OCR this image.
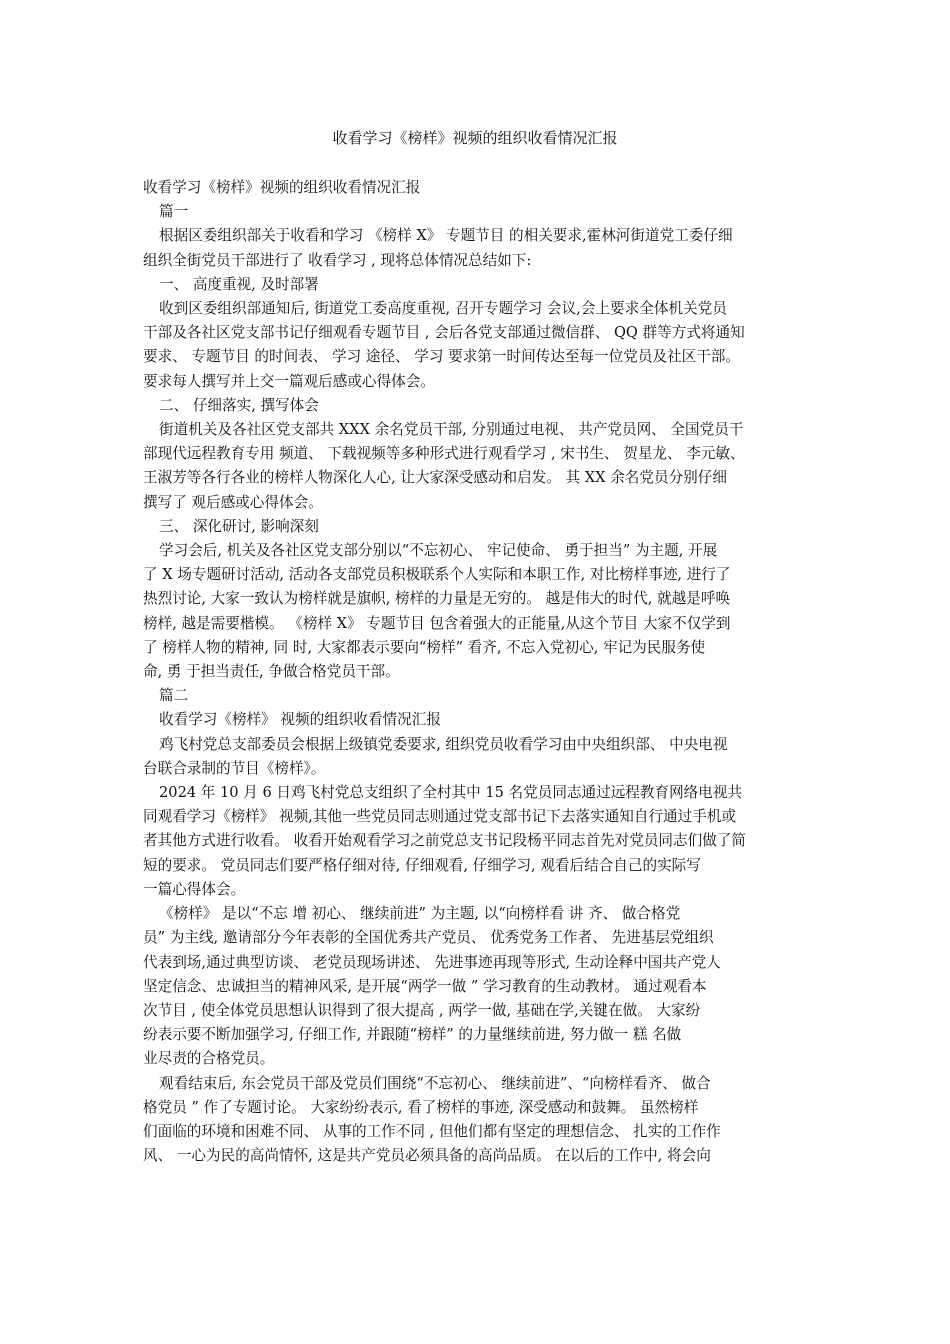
收看学习《榜样》视频的组织收看情况汇报

收看学习《榜样》视频的组织收看情况汇报

篇一

根据区委组织部关于收看和学习 《榜样 X》 专题节目 的相关要求,霍林河街道党工委仔细

组织全街党员干部进行了 收看学习 , 现将总体情况总结如下:

一、 高度重视, 及时部署

收到区委组织部通知后, 街道党工委高度重视, 召开专题学习 会议,会上要求全体机关党员

干部及各社区党支部书记仔细观看专题节目 , 会后各党支部通过微信群、 QQ 群等方式将通知

要求、 专题节目 的时间表、 学习 途径、 学习 要求第一时间传达至每一位党员及社区干部。

要求每人撰写并上交一篇观后感或心得体会。

二、 仔细落实, 撰写体会

街道机关及各社区党支部共 XXX 余名党员干部, 分别通过电视、 共产党员网、 全国党员干

部现代远程教育专用 频道、 下载视频等多种形式进行观看学习 , 宋书生、 贺星龙、 李元敏、

王淑芳等各行各业的榜样人物深化人心, 让大家深受感动和启发。 其 XX 余名党员分别仔细

撰写了 观后感或心得体会。

三、 深化研讨, 影响深刻

学习会后, 机关及各社区党支部分别以“不忘初心、 牢记使命、 勇于担当” 为主题, 开展

了 X 场专题研讨活动, 活动各支部党员积极联系个人实际和本职工作, 对比榜样事迹, 进行了

热烈讨论, 大家一致认为榜样就是旗帜, 榜样的力量是无穷的。 越是伟大的时代, 就越是呼唤

榜样, 越是需要楷模。 《榜样 X》 专题节目 包含着强大的正能量,从这个节目 大家不仅学到

了 榜样人物的精神, 同 时, 大家都表示要向“榜样” 看齐, 不忘入党初心, 牢记为民服务使

命, 勇 于担当责任, 争做合格党员干部。

篇二

收看学习《榜样》 视频的组织收看情况汇报

鸡飞村党总支部委员会根据上级镇党委要求, 组织党员收看学习由中央组织部、 中央电视

台联合录制的节目《榜样》。

2024 年 10 月 6 日鸡飞村党总支组织了全村其中 15 名党员同志通过远程教育网络电视共

同观看学习《榜样》 视频,其他一些党员同志则通过党支部书记下去落实通知自行通过手机或

者其他方式进行收看。 收看开始观看学习之前党总支书记段杨平同志首先对党员同志们做了简

短的要求。 党员同志们要严格仔细对待, 仔细观看, 仔细学习, 观看后结合自己的实际写

一篇心得体会。

《榜样》 是以“不忘 增 初心、 继续前进” 为主题, 以“向榜样看 讲 齐、 做合格党

员” 为主线, 邀请部分今年表彰的全国优秀共产党员、 优秀党务工作者、 先进基层党组织

代表到场,通过典型访谈、 老党员现场讲述、 先进事迹再现等形式, 生动诠释中国共产党人

坚定信念、忠诚担当的精神风采, 是开展“两学一做 ” 学习教育的生动教材。 通过观看本

次节目 , 使全体党员思想认识得到了很大提高 , 两学一做, 基础在学,关键在做。 大家纷

纷表示要不断加强学习, 仔细工作, 并跟随“榜样” 的力量继续前进, 努力做一 糕 名做

业尽责的合格党员。

观看结束后, 东会党员干部及党员们围绕“不忘初心、 继续前进”、“向榜样看齐、 做合

格党员 ” 作了专题讨论。 大家纷纷表示, 看了榜样的事迹, 深受感动和鼓舞。 虽然榜样

们面临的环境和困难不同、 从事的工作不同 , 但他们都有坚定的理想信念、 扎实的工作作

风、 一心为民的高尚情怀, 这是共产党员必须具备的高尚品质。 在以后的工作中, 将会向
